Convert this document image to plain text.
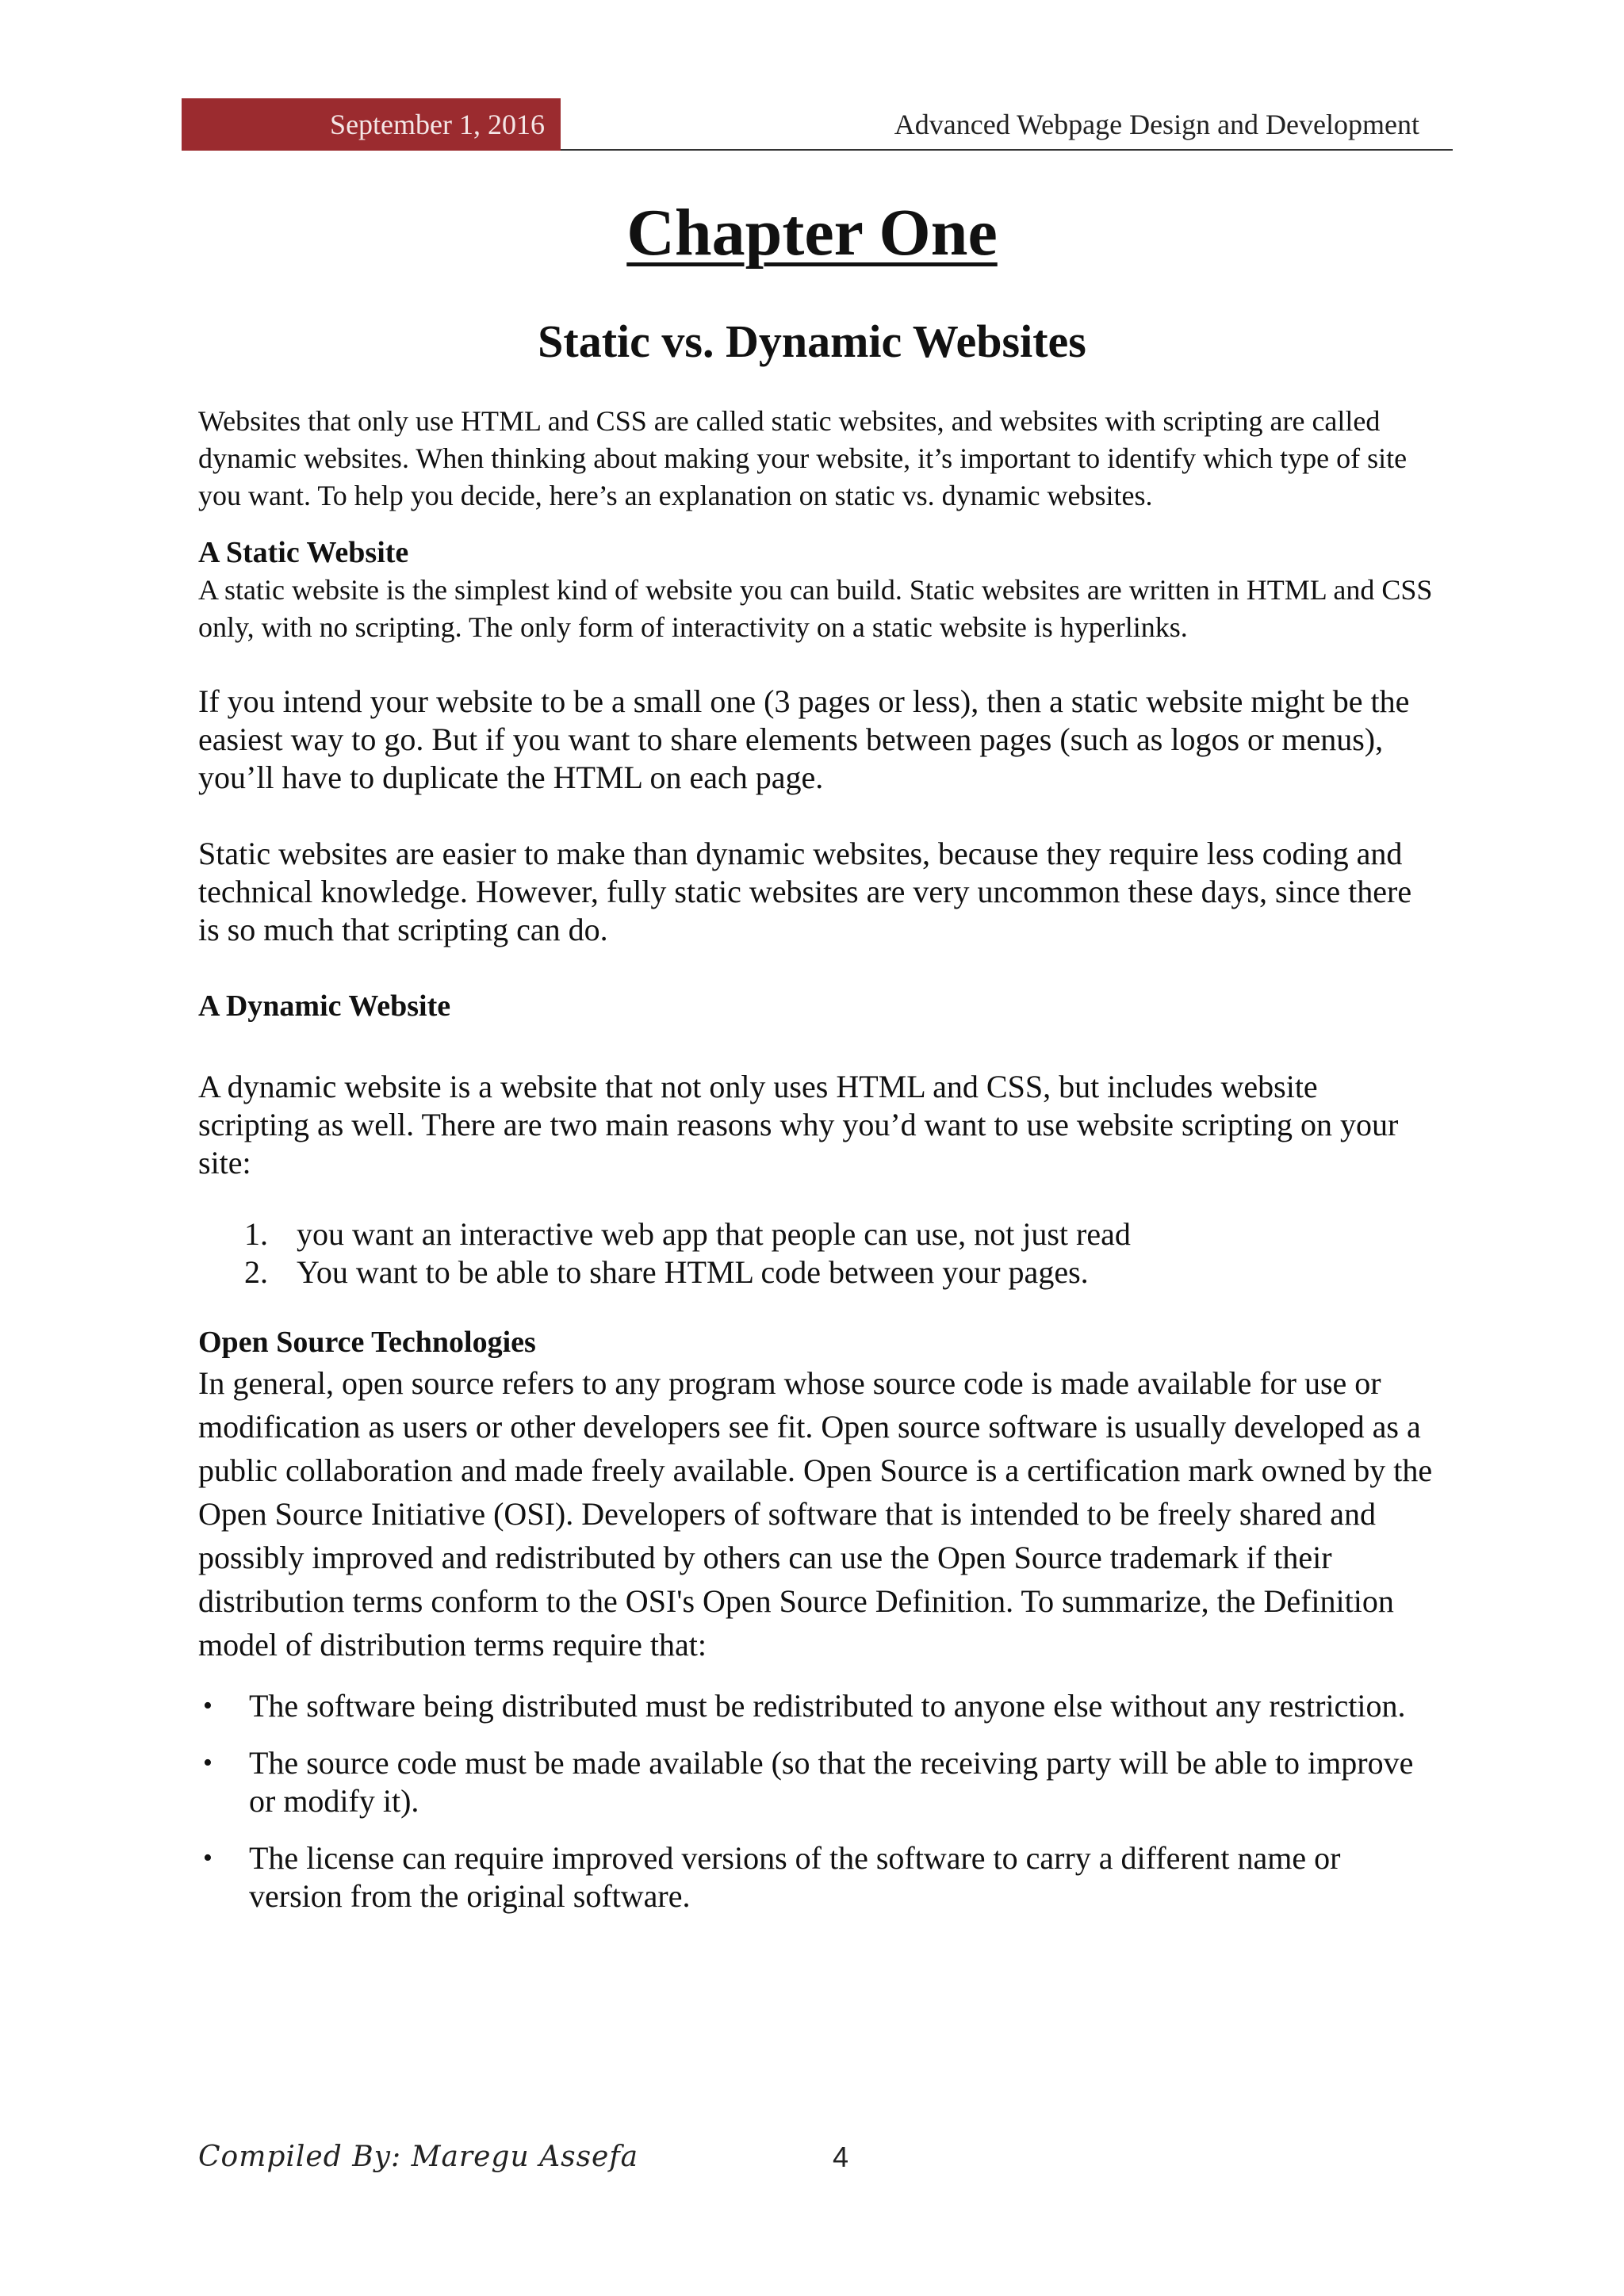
September 1, 2016	Advanced Webpage Design and Development
Chapter One
Static vs. Dynamic Websites

Websites that only use HTML and CSS are called static websites, and websites with scripting are called dynamic websites. When thinking about making your website, it’s important to identify which type of site you want. To help you decide, here’s an explanation on static vs. dynamic websites.

A Static Website

A static website is the simplest kind of website you can build. Static websites are written in HTML and CSS only, with no scripting. The only form of interactivity on a static website is hyperlinks.

If you intend your website to be a small one (3 pages or less), then a static website might be the easiest way to go. But if you want to share elements between pages (such as logos or menus), you’ll have to duplicate the HTML on each page.

Static websites are easier to make than dynamic websites, because they require less coding and technical knowledge. However, fully static websites are very uncommon these days, since there is so much that scripting can do.

A Dynamic Website

A dynamic website is a website that not only uses HTML and CSS, but includes website scripting as well. There are two main reasons why you’d want to use website scripting on your site:

1. you want an interactive web app that people can use, not just read
2. You want to be able to share HTML code between your pages.
Open Source Technologies

In general, open source refers to any program whose source code is made available for use or modification as users or other developers see fit. Open source software is usually developed as a public collaboration and made freely available. Open Source is a certification mark owned by the Open Source Initiative (OSI). Developers of software that is intended to be freely shared and possibly improved and redistributed by others can use the Open Source trademark if their distribution terms conform to the OSI's Open Source Definition. To summarize, the Definition model of distribution terms require that:

• The software being distributed must be redistributed to anyone else without any restriction.
• The source code must be made available (so that the receiving party will be able to improve or modify it).
• The license can require improved versions of the software to carry a different name or version from the original software.
Compiled By: Maregu Assefa	4
